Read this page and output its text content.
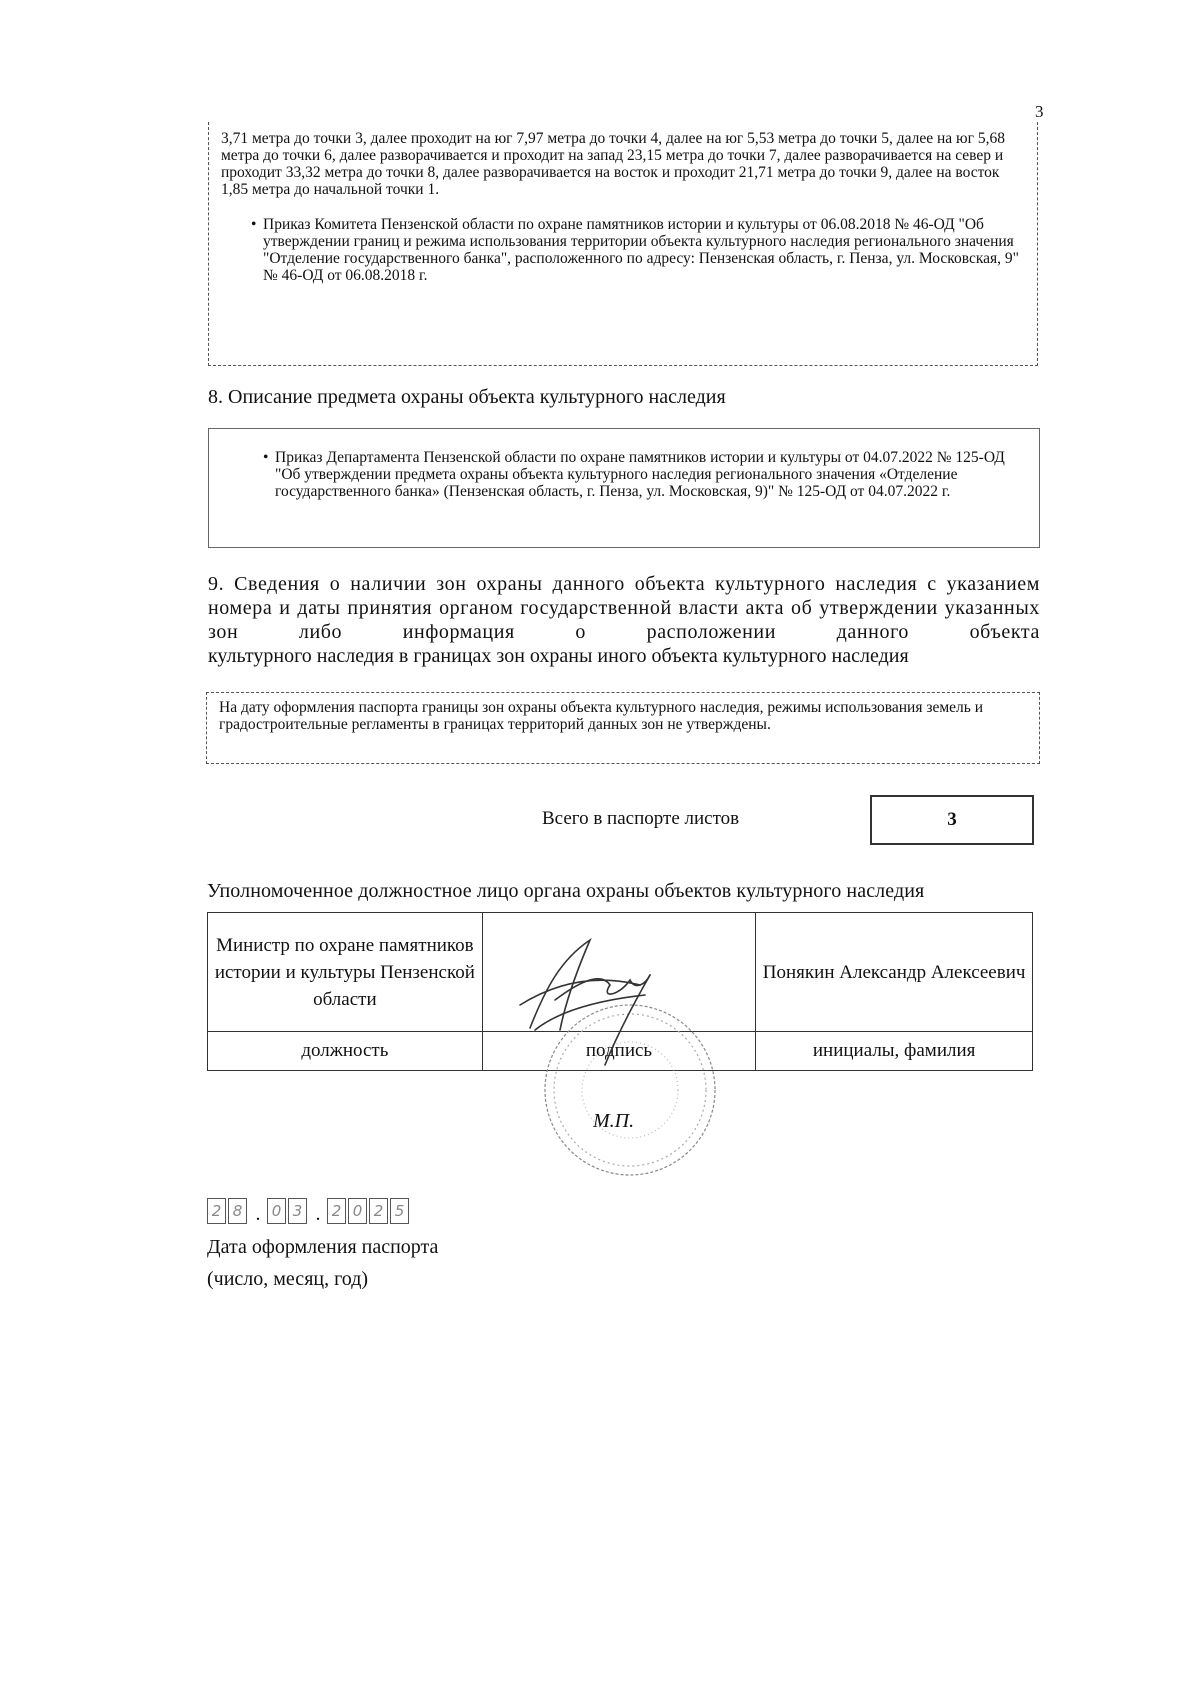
3

3,71 метра до точки 3, далее проходит на юг 7,97 метра до точки 4, далее на юг 5,53 метра до точки 5, далее на юг 5,68 метра до точки 6, далее разворачивается и проходит на запад 23,15 метра до точки 7, далее разворачивается на север и проходит 33,32 метра до точки 8, далее разворачивается на восток и проходит 21,71 метра до точки 9, далее на восток 1,85 метра до начальной точки 1.

• Приказ Комитета Пензенской области по охране памятников истории и культуры от 06.08.2018 № 46-ОД "Об утверждении границ и режима использования территории объекта культурного наследия регионального значения "Отделение государственного банка", расположенного по адресу: Пензенская область, г. Пенза, ул. Московская, 9" № 46-ОД от 06.08.2018 г.

8. Описание предмета охраны объекта культурного наследия

• Приказ Департамента Пензенской области по охране памятников истории и культуры от 04.07.2022 № 125-ОД "Об утверждении предмета охраны объекта культурного наследия регионального значения «Отделение государственного банка» (Пензенская область, г. Пенза, ул. Московская, 9)" № 125-ОД от 04.07.2022 г.

9. Сведения о наличии зон охраны данного объекта культурного наследия с указанием номера и даты принятия органом государственной власти акта об утверждении указанных зон либо информация о расположении данного объекта
культурного наследия в границах зон охраны иного объекта культурного наследия
На дату оформления паспорта границы зон охраны объекта культурного наследия, режимы использования земель и градостроительные регламенты в границах территорий данных зон не утверждены.
Всего в паспорте листов	3
Уполномоченное должностное лицо органа охраны объектов культурного наследия
Министр по охране памятников истории и культуры Пензенской области		Понякин Александр Алексеевич
должность	подпись	инициалы, фамилия
М.П.
2 8 . 0 3 . 2 0 2 5
Дата оформления паспорта
(число, месяц, год)
